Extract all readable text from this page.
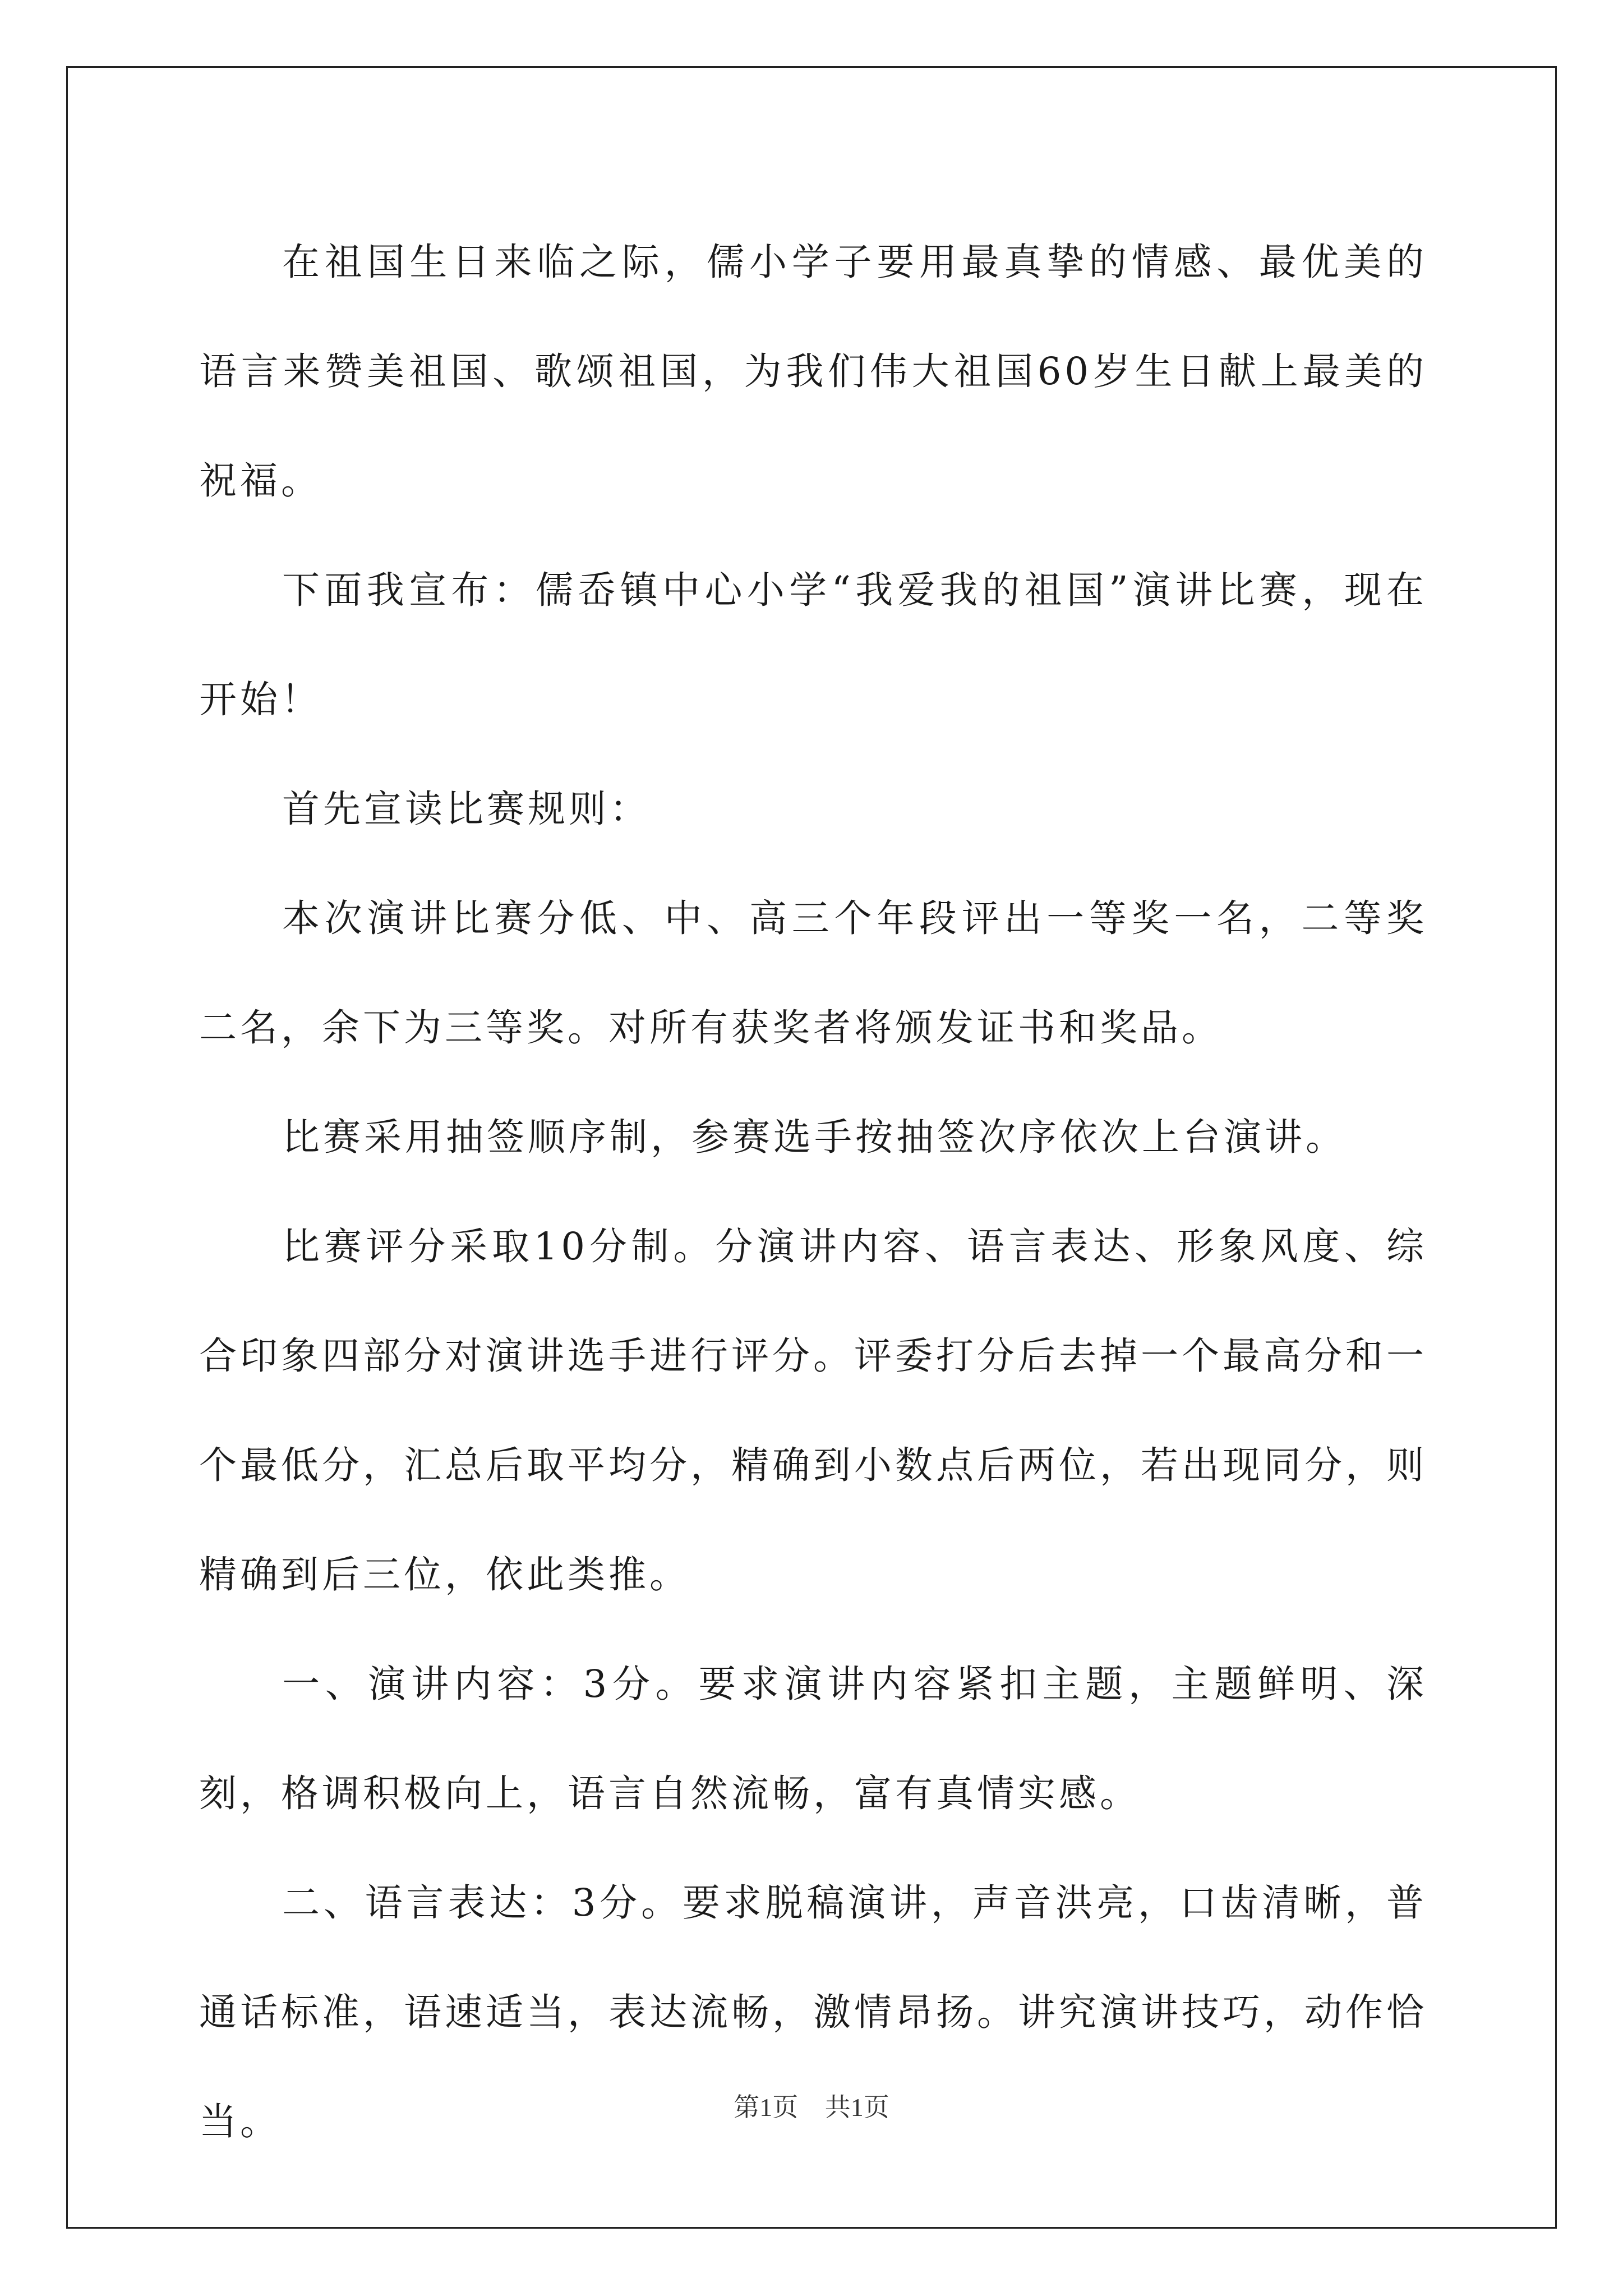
在祖国生日来临之际，儒小学子要用最真挚的情感、最优美的语言来赞美祖国、歌颂祖国，为我们伟大祖国60岁生日献上最美的祝福。

下面我宣布：儒岙镇中心小学“我爱我的祖国”演讲比赛，现在开始！

首先宣读比赛规则：

本次演讲比赛分低、中、高三个年段评出一等奖一名，二等奖二名，余下为三等奖。对所有获奖者将颁发证书和奖品。

比赛采用抽签顺序制，参赛选手按抽签次序依次上台演讲。

比赛评分采取10分制。分演讲内容、语言表达、形象风度、综合印象四部分对演讲选手进行评分。评委打分后去掉一个最高分和一个最低分，汇总后取平均分，精确到小数点后两位，若出现同分，则精确到后三位，依此类推。

一、演讲内容：3分。要求演讲内容紧扣主题，主题鲜明、深刻，格调积极向上，语言自然流畅，富有真情实感。

二、语言表达：3分。要求脱稿演讲，声音洪亮，口齿清晰，普通话标准，语速适当，表达流畅，激情昂扬。讲究演讲技巧，动作恰当。	第1页 共1页
